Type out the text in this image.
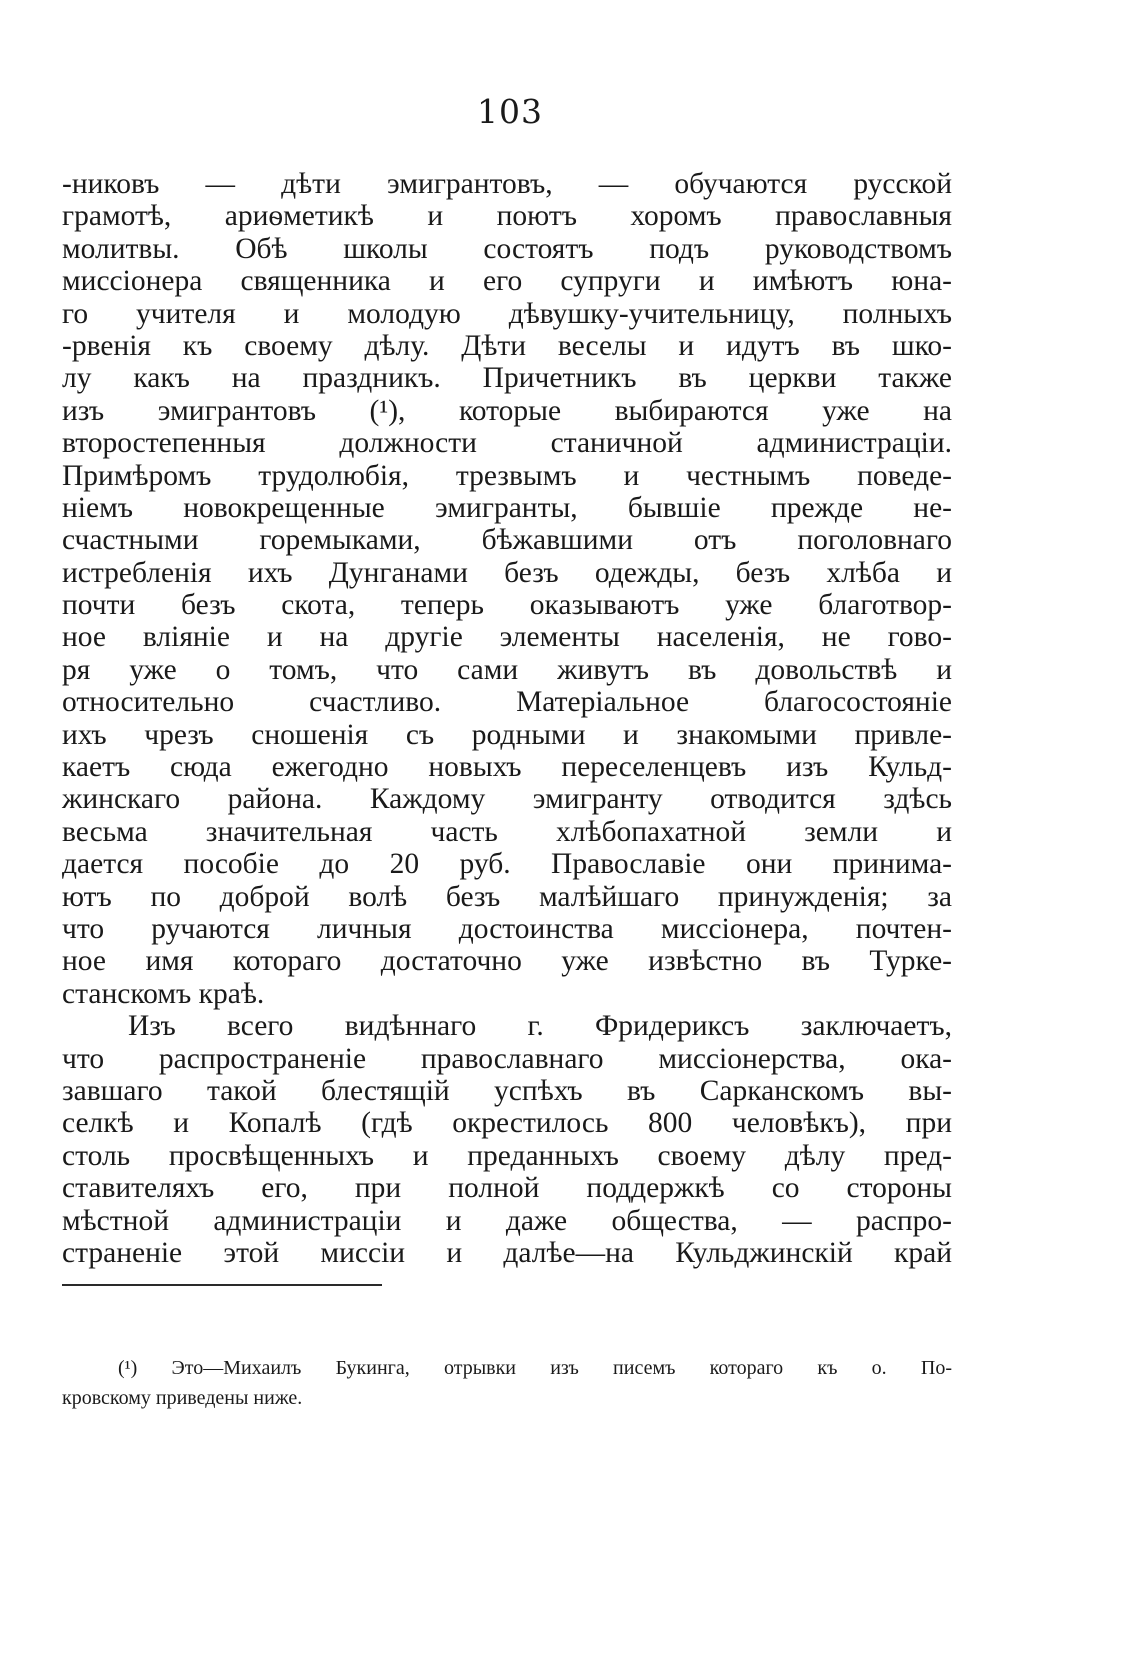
103
-никовъ — дѣти эмигрантовъ, — обучаются русской
грамотѣ, ариѳметикѣ и поютъ хоромъ православныя
молитвы. Обѣ школы состоятъ подъ руководствомъ
миссіонера священника и его супруги и имѣютъ юна-
го учителя и молодую дѣвушку-учительницу, полныхъ
-рвенія къ своему дѣлу. Дѣти веселы и идутъ въ шко-
лу какъ на праздникъ. Причетникъ въ церкви также
изъ эмигрантовъ (¹), которые выбираются уже на
второстепенныя должности станичной администраціи.
Примѣромъ трудолюбія, трезвымъ и честнымъ поведе-
ніемъ новокрещенные эмигранты, бывшіе прежде не-
счастными горемыками, бѣжавшими отъ поголовнаго
истребленія ихъ Дунганами безъ одежды, безъ хлѣба и
почти безъ скота, теперь оказываютъ уже благотвор-
ное вліяніе и на другіе элементы населенія, не гово-
ря уже о томъ, что сами живутъ въ довольствѣ и
относительно счастливо. Матеріальное благосостояніе
ихъ чрезъ сношенія съ родными и знакомыми привле-
каетъ сюда ежегодно новыхъ переселенцевъ изъ Кульд-
жинскаго района. Каждому эмигранту отводится здѣсь
весьма значительная часть хлѣбопахатной земли и
дается пособіе до 20 руб. Православіе они принима-
ютъ по доброй волѣ безъ малѣйшаго принужденія; за
что ручаются личныя достоинства миссіонера, почтен-
ное имя котораго достаточно уже извѣстно въ Турке-
станскомъ краѣ.
Изъ всего видѣннаго г. Фридериксъ заключаетъ,
что распространеніе православнаго миссіонерства, ока-
завшаго такой блестящій успѣхъ въ Сарканскомъ вы-
селкѣ и Копалѣ (гдѣ окрестилось 800 человѣкъ), при
столь просвѣщенныхъ и преданныхъ своему дѣлу пред-
ставителяхъ его, при полной поддержкѣ со стороны
мѣстной администраціи и даже общества, — распро-
страненіе этой миссіи и далѣе—на Кульджинскій край
(¹) Это—Михаилъ Букинга, отрывки изъ писемъ котораго къ о. По-
кровскому приведены ниже.
